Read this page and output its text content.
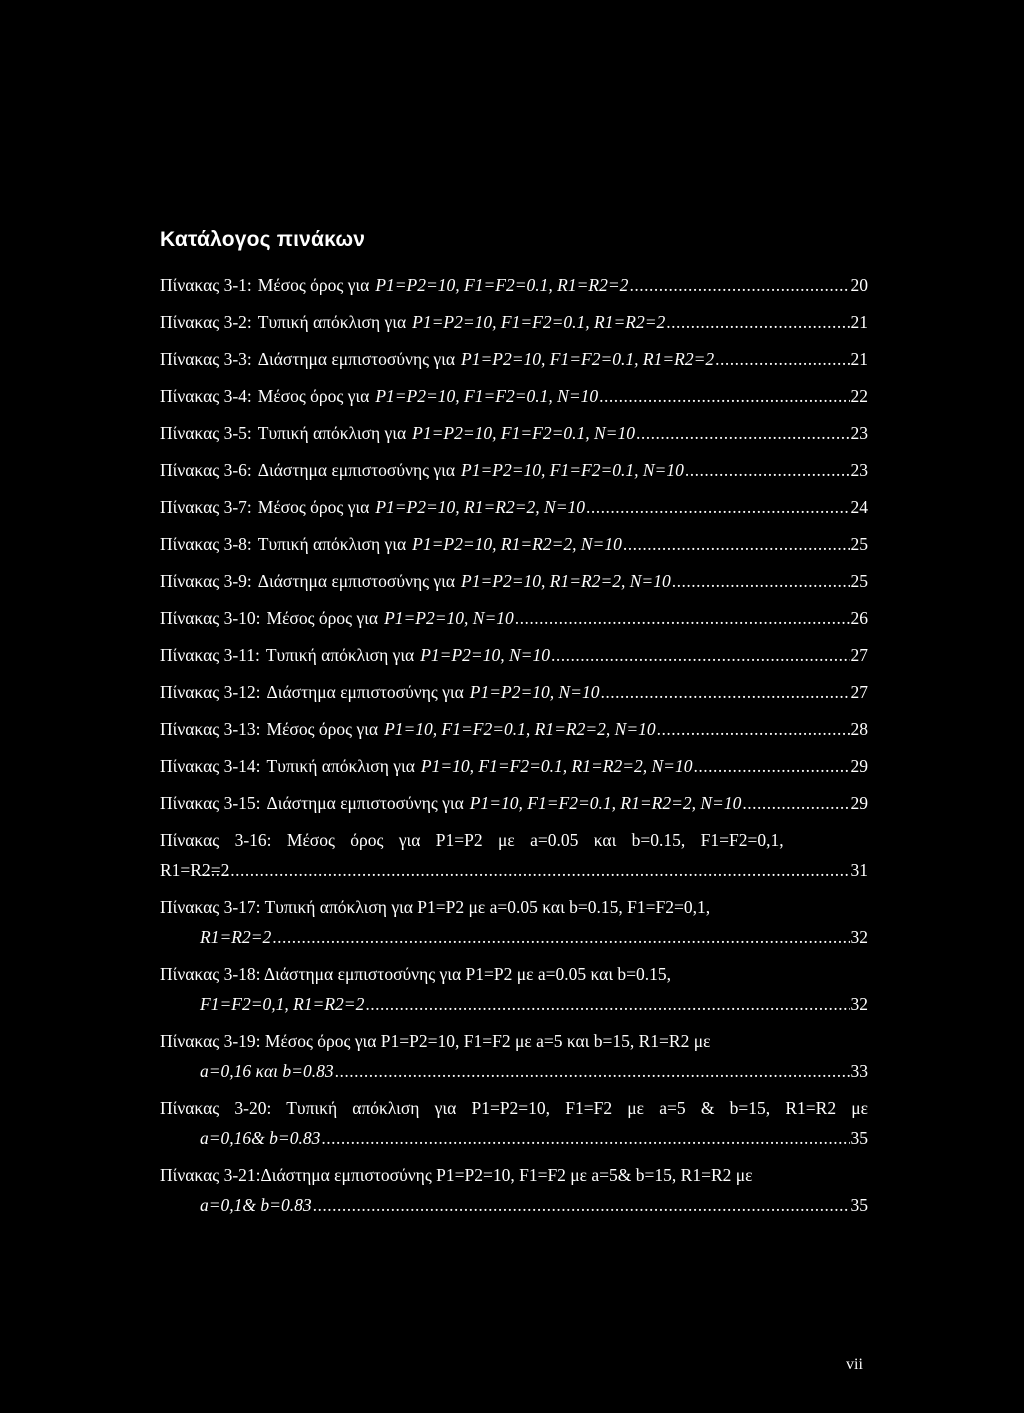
Κατάλογος πινάκων
Πίνακας 3-1: Μέσος όρος για P1=P2=10, F1=F2=0.1, R1=R2=2 .....	20
Πίνακας 3-2: Τυπική απόκλιση για P1=P2=10, F1=F2=0.1, R1=R2=2 .....	21
Πίνακας 3-3: Διάστημα εμπιστοσύνης για P1=P2=10, F1=F2=0.1, R1=R2=2 .....	21
Πίνακας 3-4: Μέσος όρος για P1=P2=10, F1=F2=0.1, N=10 .....	22
Πίνακας 3-5: Τυπική απόκλιση για P1=P2=10, F1=F2=0.1, N=10 .....	23
Πίνακας 3-6: Διάστημα εμπιστοσύνης για P1=P2=10, F1=F2=0.1, N=10 .....	23
Πίνακας 3-7: Μέσος όρος για P1=P2=10, R1=R2=2, N=10 .....	24
Πίνακας 3-8: Τυπική απόκλιση για P1=P2=10, R1=R2=2, N=10 .....	25
Πίνακας 3-9: Διάστημα εμπιστοσύνης για P1=P2=10, R1=R2=2, N=10 .....	25
Πίνακας 3-10: Μέσος όρος για P1=P2=10, N=10 .....	26
Πίνακας 3-11: Τυπική απόκλιση για P1=P2=10, N=10 .....	27
Πίνακας 3-12: Διάστημα εμπιστοσύνης για P1=P2=10, N=10 .....	27
Πίνακας 3-13: Μέσος όρος για P1=10, F1=F2=0.1, R1=R2=2, N=10 .....	28
Πίνακας 3-14: Τυπική απόκλιση για P1=10, F1=F2=0.1, R1=R2=2, N=10 .....	29
Πίνακας 3-15: Διάστημα εμπιστοσύνης για P1=10, F1=F2=0.1, R1=R2=2, N=10 .....	29
Πίνακας 3-16: Μέσος όρος για P1=P2 με a=0.05 και b=0.15, F1=F2=0,1, R1=R2=2 .....	31
Πίνακας 3-17: Τυπική απόκλιση για P1=P2 με a=0.05 και b=0.15, F1=F2=0,1,
R1=R2=2 .....	32
Πίνακας 3-18: Διάστημα εμπιστοσύνης για P1=P2 με a=0.05 και b=0.15,
F1=F2=0,1, R1=R2=2 .....	32
Πίνακας 3-19: Μέσος όρος για P1=P2=10, F1=F2 με a=5 και b=15, R1=R2 με
a=0,16 και b=0.83 .....	33
Πίνακας 3-20: Τυπική απόκλιση για P1=P2=10, F1=F2 με a=5 & b=15, R1=R2 με
a=0,16& b=0.83 .....	35
Πίνακας 3-21:Διάστημα εμπιστοσύνης P1=P2=10, F1=F2 με a=5& b=15, R1=R2 με
a=0,1& b=0.83 .....	35
vii
